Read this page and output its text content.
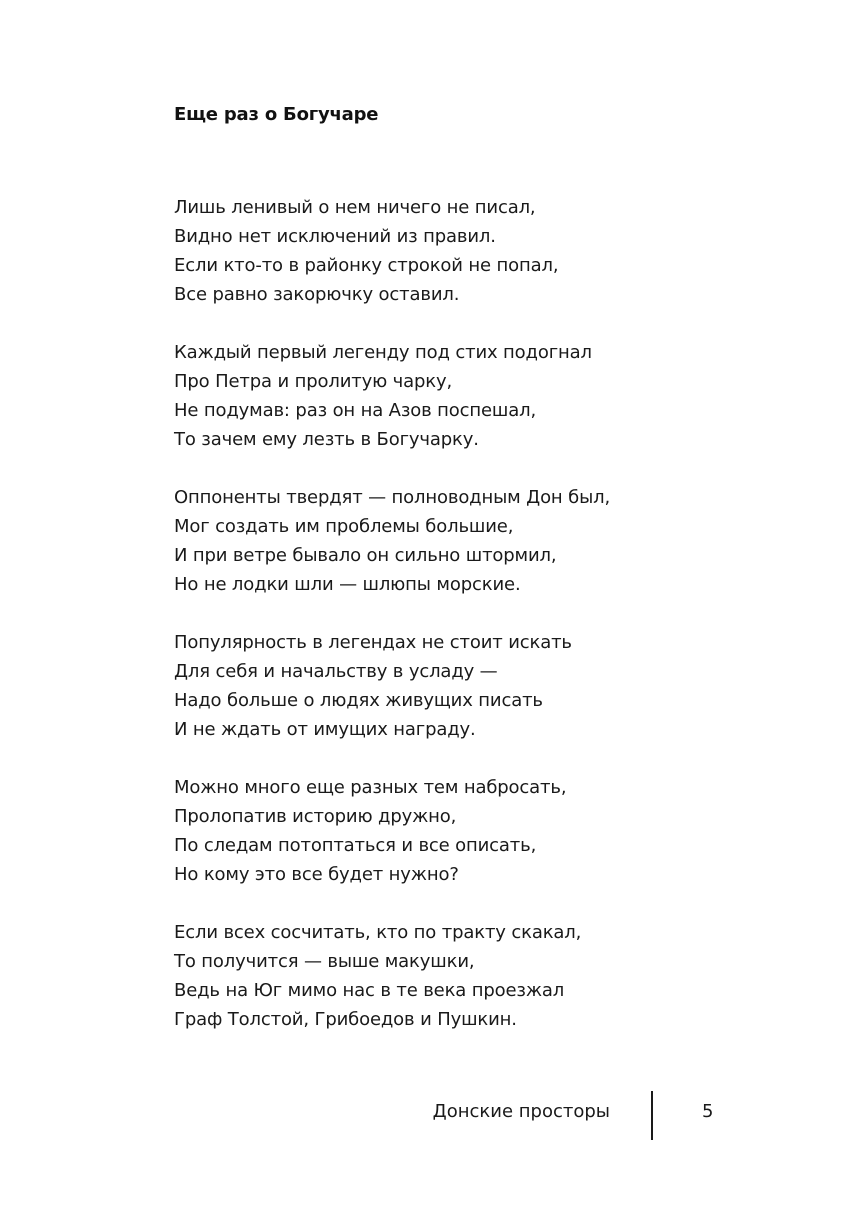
Еще раз о Богучаре
Лишь ленивый о нем ничего не писал,
Видно нет исключений из правил.
Если кто-то в районку строкой не попал,
Все равно закорючку оставил.
Каждый первый легенду под стих подогнал
Про Петра и пролитую чарку,
Не подумав: раз он на Азов поспешал,
То зачем ему лезть в Богучарку.
Оппоненты твердят — полноводным Дон был,
Мог создать им проблемы большие,
И при ветре бывало он сильно штормил,
Но не лодки шли — шлюпы морские.
Популярность в легендах не стоит искать
Для себя и начальству в усладу —
Надо больше о людях живущих писать
И не ждать от имущих награду.
Можно много еще разных тем набросать,
Пролопатив историю дружно,
По следам потоптаться и все описать,
Но кому это все будет нужно?
Если всех сосчитать, кто по тракту скакал,
То получится — выше макушки,
Ведь на Юг мимо нас в те века проезжал
Граф Толстой, Грибоедов и Пушкин.
Донские просторы	5
